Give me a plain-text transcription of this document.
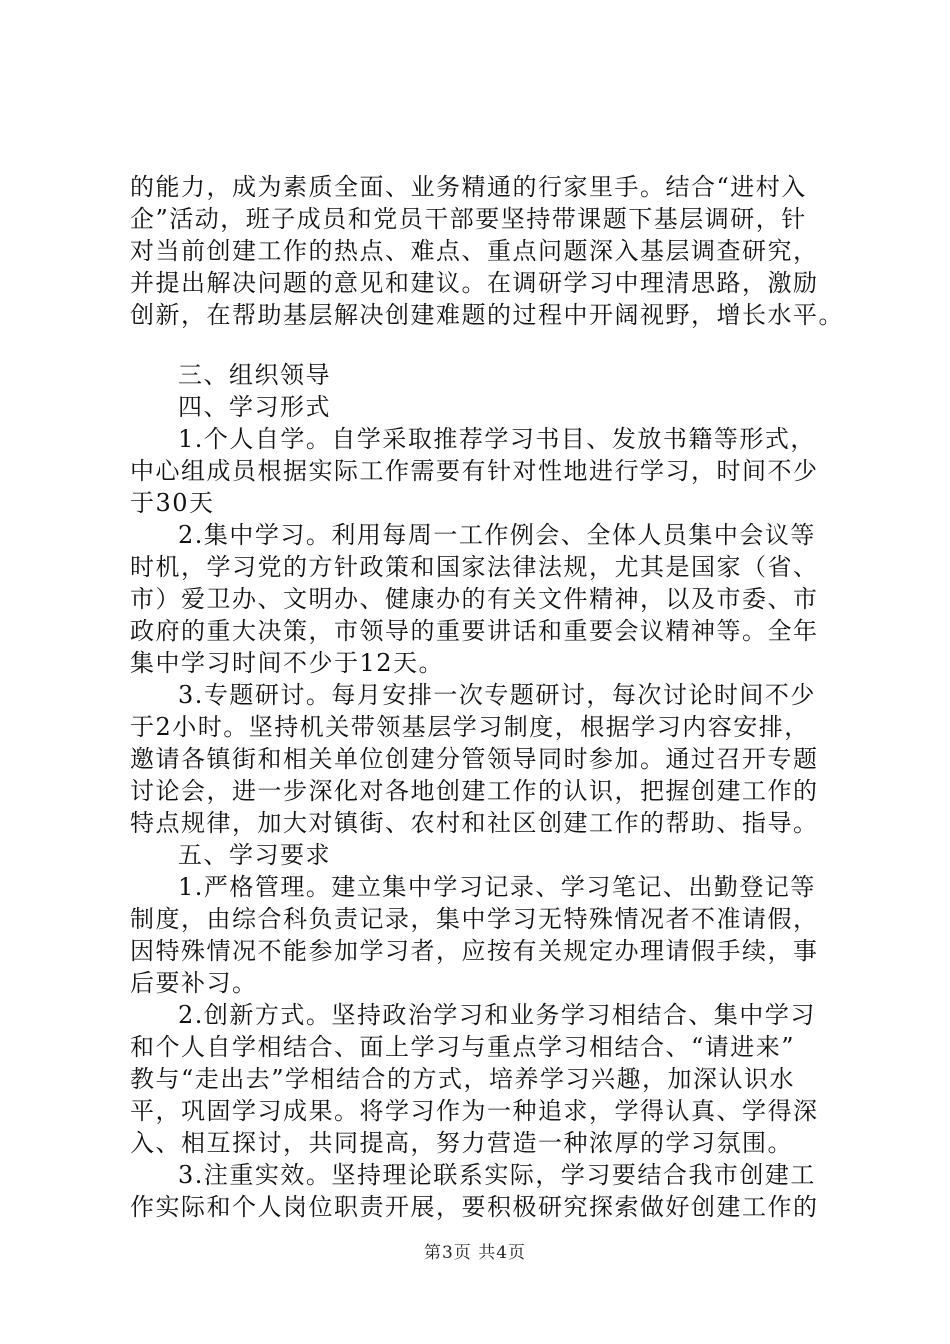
的能力，成为素质全面、业务精通的行家里手。结合“进村入
企”活动，班子成员和党员干部要坚持带课题下基层调研，针
对当前创建工作的热点、难点、重点问题深入基层调查研究，
并提出解决问题的意见和建议。在调研学习中理清思路，激励
创新，在帮助基层解决创建难题的过程中开阔视野，增长水平。
三、组织领导
四、学习形式
1.个人自学。自学采取推荐学习书目、发放书籍等形式，
中心组成员根据实际工作需要有针对性地进行学习，时间不少
于30天
2.集中学习。利用每周一工作例会、全体人员集中会议等
时机，学习党的方针政策和国家法律法规，尤其是国家（省、
市）爱卫办、文明办、健康办的有关文件精神，以及市委、市
政府的重大决策，市领导的重要讲话和重要会议精神等。全年
集中学习时间不少于12天。
3.专题研讨。每月安排一次专题研讨，每次讨论时间不少
于2小时。坚持机关带领基层学习制度，根据学习内容安排，
邀请各镇街和相关单位创建分管领导同时参加。通过召开专题
讨论会，进一步深化对各地创建工作的认识，把握创建工作的
特点规律，加大对镇街、农村和社区创建工作的帮助、指导。
五、学习要求
1.严格管理。建立集中学习记录、学习笔记、出勤登记等
制度，由综合科负责记录，集中学习无特殊情况者不准请假，
因特殊情况不能参加学习者，应按有关规定办理请假手续，事
后要补习。
2.创新方式。坚持政治学习和业务学习相结合、集中学习
和个人自学相结合、面上学习与重点学习相结合、“请进来”
教与“走出去”学相结合的方式，培养学习兴趣，加深认识水
平，巩固学习成果。将学习作为一种追求，学得认真、学得深
入、相互探讨，共同提高，努力营造一种浓厚的学习氛围。
3.注重实效。坚持理论联系实际，学习要结合我市创建工
作实际和个人岗位职责开展，要积极研究探索做好创建工作的
第3页 共4页
